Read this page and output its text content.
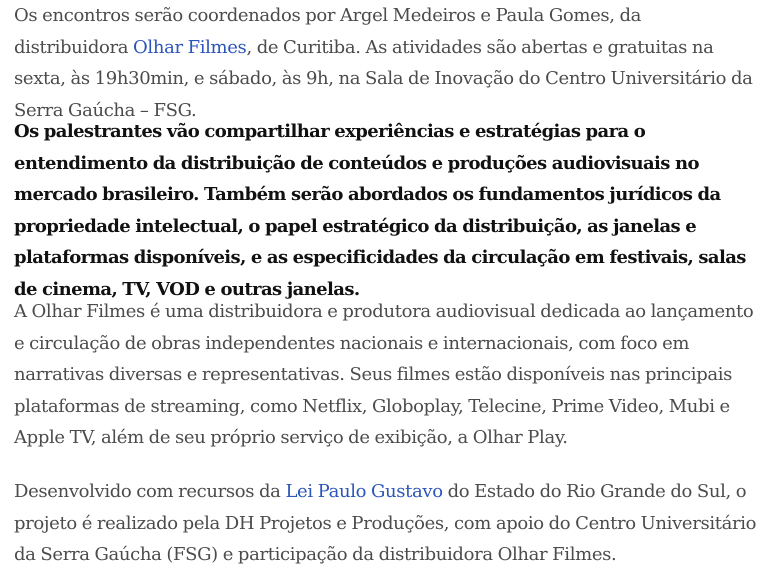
Os encontros serão coordenados por Argel Medeiros e Paula Gomes, da distribuidora Olhar Filmes, de Curitiba. As atividades são abertas e gratuitas na sexta, às 19h30min, e sábado, às 9h, na Sala de Inovação do Centro Universitário da Serra Gaúcha – FSG.

Os palestrantes vão compartilhar experiências e estratégias para o entendimento da distribuição de conteúdos e produções audiovisuais no mercado brasileiro. Também serão abordados os fundamentos jurídicos da propriedade intelectual, o papel estratégico da distribuição, as janelas e plataformas disponíveis, e as especificidades da circulação em festivais, salas de cinema, TV, VOD e outras janelas.

A Olhar Filmes é uma distribuidora e produtora audiovisual dedicada ao lançamento e circulação de obras independentes nacionais e internacionais, com foco em narrativas diversas e representativas. Seus filmes estão disponíveis nas principais plataformas de streaming, como Netflix, Globoplay, Telecine, Prime Video, Mubi e Apple TV, além de seu próprio serviço de exibição, a Olhar Play.

Desenvolvido com recursos da Lei Paulo Gustavo do Estado do Rio Grande do Sul, o projeto é realizado pela DH Projetos e Produções, com apoio do Centro Universitário da Serra Gaúcha (FSG) e participação da distribuidora Olhar Filmes.
